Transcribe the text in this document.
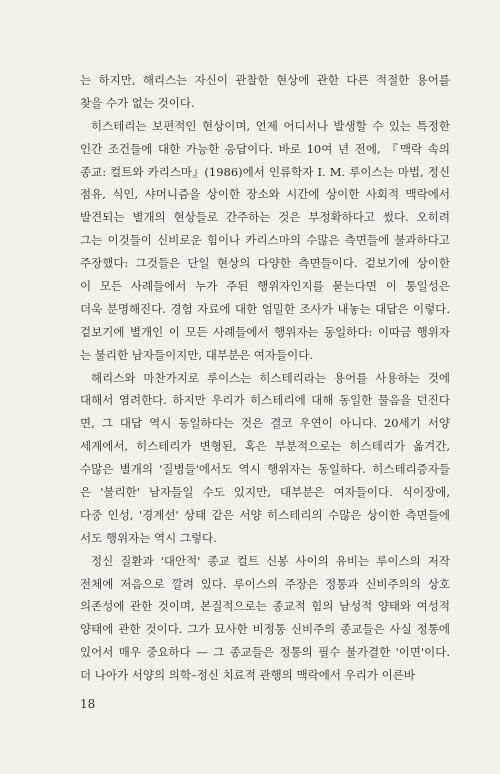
는 하지만, 해리스는 자신이 관찰한 현상에 관한 다른 적절한 용어를
찾을 수가 없는 것이다.
히스테리는 보편적인 현상이며, 언제 어디서나 발생할 수 있는 특정한
인간 조건들에 대한 가능한 응답이다. 바로 10여 년 전에, 『맥락 속의
종교: 컬트와 카리스마』(1986)에서 인류학자 I. M. 루이스는 마법, 정신
점유, 식인, 샤머니즘을 상이한 장소와 시간에 상이한 사회적 맥락에서
발견되는 별개의 현상들로 간주하는 것은 부정확하다고 썼다. 오히려
그는 이것들이 신비로운 힘이나 카리스마의 수많은 측면들에 불과하다고
주장했다: 그것들은 단일 현상의 다양한 측면들이다. 겉보기에 상이한
이 모든 사례들에서 누가 주된 행위자인지를 묻는다면 이 통일성은
더욱 분명해진다. 경험 자료에 대한 엄밀한 조사가 내놓는 대답은 이렇다.
겉보기에 별개인 이 모든 사례들에서 행위자는 동일하다: 이따금 행위자
는 불리한 남자들이지만, 대부분은 여자들이다.
해리스와 마찬가지로 루이스는 히스테리라는 용어를 사용하는 것에
대해서 염려한다. 하지만 우리가 히스테리에 대해 동일한 물음을 던진다
면, 그 대답 역시 동일하다는 것은 결코 우연이 아니다. 20세기 서양
세계에서, 히스테리가 변형된, 혹은 부분적으로는 히스테리가 옮겨간,
수많은 별개의 '질병들'에서도 역시 행위자는 동일하다. 히스테리증자들
은 '불리한' 남자들일 수도 있지만, 대부분은 여자들이다. 식이장애,
다중 인성, '경계선' 상태 같은 서양 히스테리의 수많은 상이한 측면들에
서도 행위자는 역시 그렇다.
정신 질환과 '대안적' 종교 컬트 신봉 사이의 유비는 루이스의 저작
전체에 저음으로 깔려 있다. 루이스의 주장은 정통과 신비주의의 상호
의존성에 관한 것이며, 본질적으로는 종교적 힘의 남성적 양태와 여성적
양태에 관한 것이다. 그가 묘사한 비정통 신비주의 종교들은 사실 정통에
있어서 매우 중요하다 — 그 종교들은 정통의 필수 불가결한 '이면'이다.
더 나아가 서양의 의학–정신 치료적 관행의 맥락에서 우리가 이른바
18
